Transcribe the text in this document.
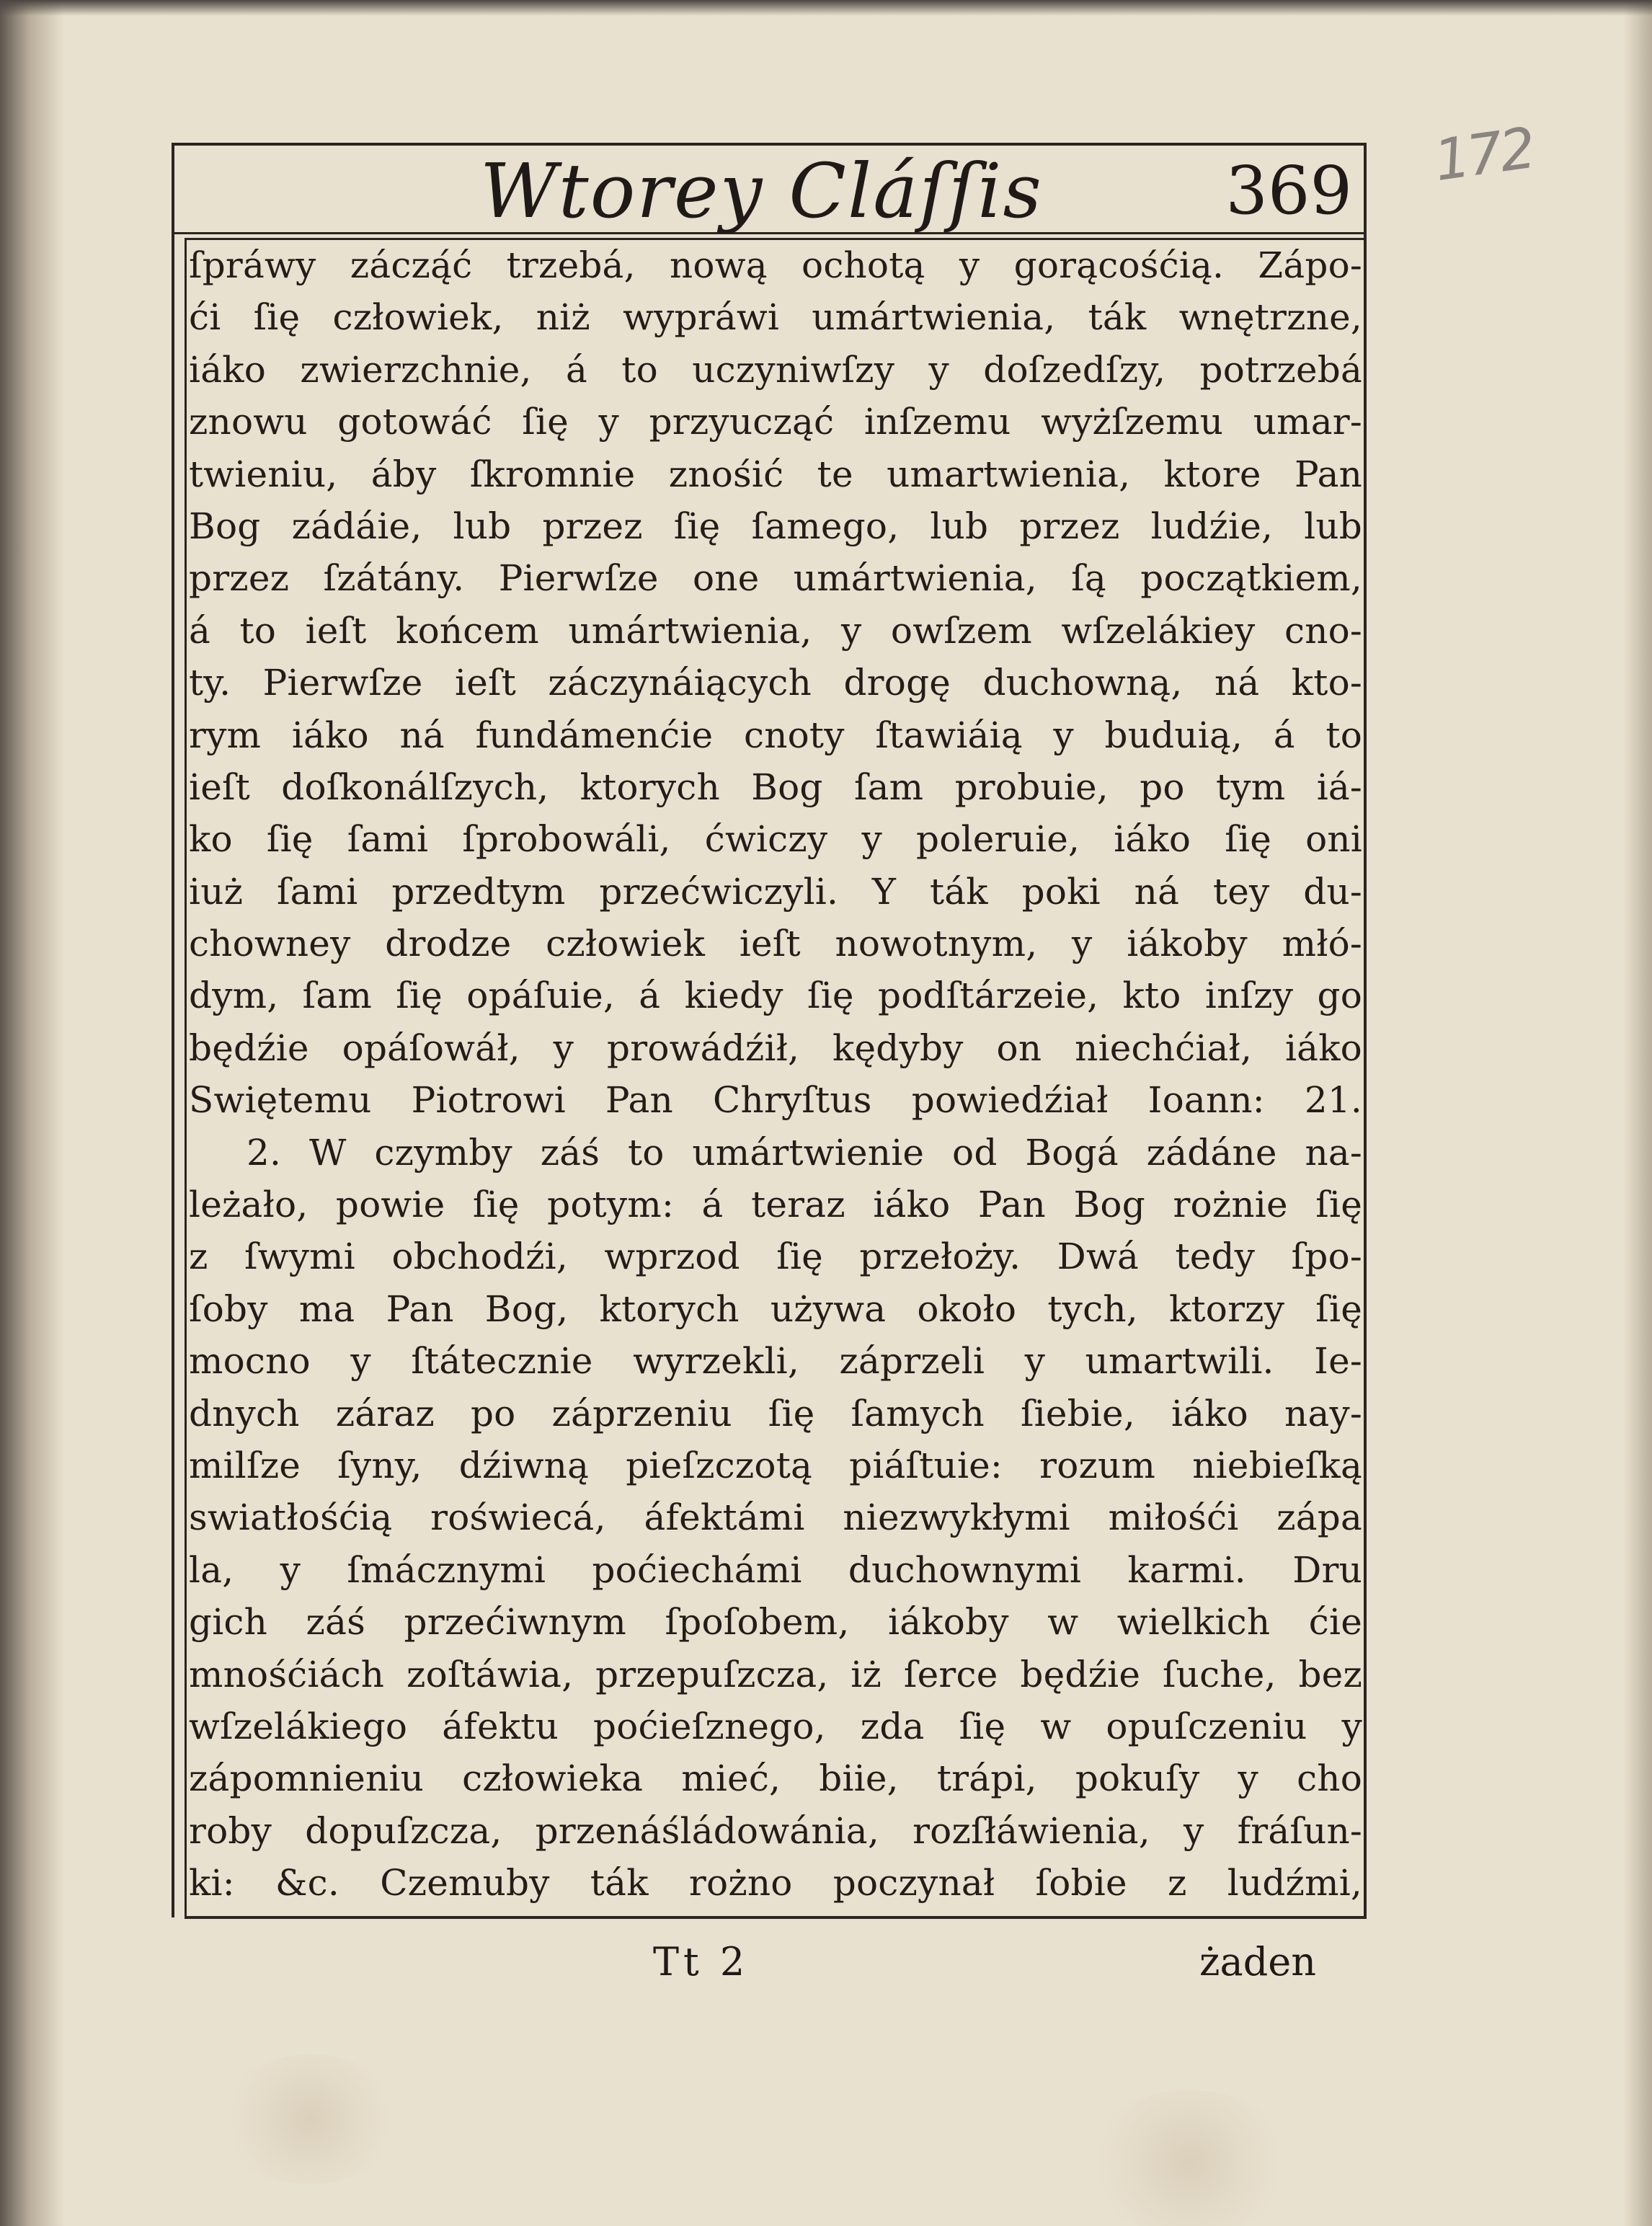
172
Wtorey Cláſſis	369
ſpráwy záczą́ć trzebá, nową ochotą y gorącośćią. Zápo-
ći ſię człowiek, niż wypráwi umártwienia, ták wnętrzne,
iáko zwierzchnie, á to uczyniwſzy y doſzedſzy, potrzebá
znowu gotowáć ſię y przyucząć inſzemu wyżſzemu umar-
twieniu, áby ſkromnie znośić te umartwienia, ktore Pan
Bog zádáie, lub przez ſię ſamego, lub przez ludźie, lub
przez ſzátány. Pierwſze one umártwienia, ſą początkiem,
á to ieſt końcem umártwienia, y owſzem wſzelákiey cno-
ty. Pierwſze ieſt záczynáiących drogę duchowną, ná kto-
rym iáko ná fundámenćie cnoty ſtawiáią y buduią, á to
ieſt doſkonálſzych, ktorych Bog ſam probuie, po tym iá-
ko ſię ſami ſprobowáli, ćwiczy y poleruie, iáko ſię oni
iuż ſami przedtym przećwiczyli. Y ták poki ná tey du-
chowney drodze człowiek ieſt nowotnym, y iákoby młó-
dym, ſam ſię opáſuie, á kiedy ſię podſtárzeie, kto inſzy go
będźie opáſowáł, y prowádźił, kędyby on niechćiał, iáko
Swiętemu Piotrowi Pan Chryſtus powiedźiał Ioann: 21.
2. W czymby záś to umártwienie od Bogá zádáne na-
leżało, powie ſię potym: á teraz iáko Pan Bog rożnie ſię
z ſwymi obchodźi, wprzod ſię przełoży. Dwá tedy ſpo-
ſoby ma Pan Bog, ktorych używa około tych, ktorzy ſię
mocno y ſtátecznie wyrzekli, záprzeli y umartwili. Ie-
dnych záraz po záprzeniu ſię ſamych ſiebie, iáko nay-
milſze ſyny, dźiwną pieſzczotą piáſtuie: rozum niebieſką
swiatłośćią roświecá, áfektámi niezwykłymi miłośći zápa
la, y ſmácznymi poćiechámi duchownymi karmi. Dru
gich záś przećiwnym ſpoſobem, iákoby w wielkich ćie
mnośćiách zoſtáwia, przepuſzcza, iż ſerce będźie ſuche, bez
wſzelákiego áfektu poćieſznego, zda ſię w opuſczeniu y
zápomnieniu człowieka mieć, biie, trápi, pokuſy y cho
roby dopuſzcza, przenáśládowánia, rozſłáwienia, y fráſun-
ki: &c. Czemuby ták rożno poczynał ſobie z ludźmi,
Tt 2	żaden
